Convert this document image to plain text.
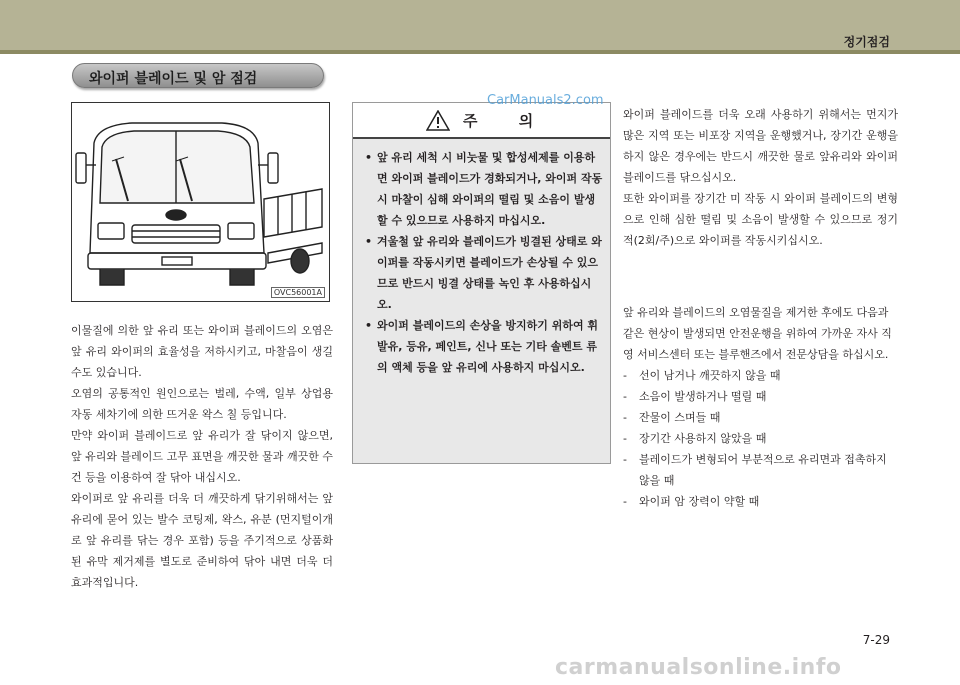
정기점검
와이퍼 블레이드 및 암 점검
OVC56001A

이물질에 의한 앞 유리 또는 와이퍼 블레이드의 오염은 앞 유리 와이퍼의 효율성을 저하시키고, 마찰음이 생길 수도 있습니다.

오염의 공통적인 원인으로는 벌레, 수액, 일부 상업용 자동 세차기에 의한 뜨거운 왁스 칠 등입니다.

만약 와이퍼 블레이드로 앞 유리가 잘 닦이지 않으면, 앞 유리와 블레이드 고무 표면을 깨끗한 물과 깨끗한 수건 등을 이용하여 잘 닦아 내십시오.

와이퍼로 앞 유리를 더욱 더 깨끗하게 닦기위해서는 앞 유리에 묻어 있는 발수 코팅제, 왁스, 유분 (먼지털이개로 앞 유리를 닦는 경우 포함) 등을 주기적으로 상품화 된 유막 제거제를 별도로 준비하여 닦아 내면 더욱 더 효과적입니다.

주 의
• 앞 유리 세척 시 비눗물 및 합성세제를 이용하면 와이퍼 블레이드가 경화되거나, 와이퍼 작동 시 마찰이 심해 와이퍼의 떨림 및 소음이 발생할 수 있으므로 사용하지 마십시오.
• 겨울철 앞 유리와 블레이드가 빙결된 상태로 와이퍼를 작동시키면 블레이드가 손상될 수 있으므로 반드시 빙결 상태를 녹인 후 사용하십시오.
• 와이퍼 블레이드의 손상을 방지하기 위하여 휘발유, 등유, 페인트, 신나 또는 기타 솔벤트 류의 액체 등을 앞 유리에 사용하지 마십시오.
CarManuals2.com

와이퍼 블레이드를 더욱 오래 사용하기 위해서는 먼지가 많은 지역 또는 비포장 지역을 운행했거나, 장기간 운행을 하지 않은 경우에는 반드시 깨끗한 물로 앞유리와 와이퍼 블레이드를 닦으십시오.

또한 와이퍼를 장기간 미 작동 시 와이퍼 블레이드의 변형으로 인해 심한 떨림 및 소음이 발생할 수 있으므로 정기적(2회/주)으로 와이퍼를 작동시키십시오.

앞 유리와 블레이드의 오염물질을 제거한 후에도 다음과 같은 현상이 발생되면 안전운행을 위하여 가까운 자사 직영 서비스센터 또는 블루핸즈에서 전문상담을 하십시오.

- 선이 남거나 깨끗하지 않을 때
- 소음이 발생하거나 떨릴 때
- 잔물이 스며들 때
- 장기간 사용하지 않았을 때
- 블레이드가 변형되어 부분적으로 유리면과 접촉하지 않을 때
- 와이퍼 암 장력이 약할 때
7-29
carmanualsonline.info
